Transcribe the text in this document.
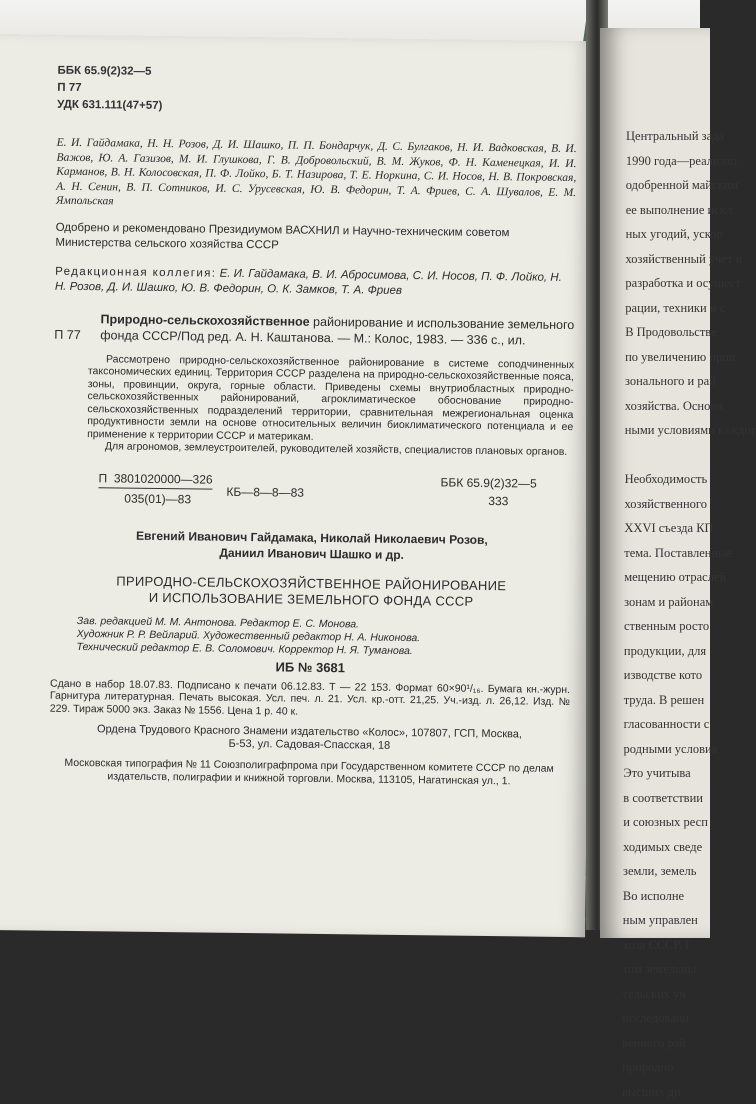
ББК 65.9(2)32—5
П 77
УДК 631.111(47+57)

Е. И. Гайдамака, Н. Н. Розов, Д. И. Шашко, П. П. Бондарчук, Д. С. Булгаков, Н. И. Вадковская, В. И. Важов, Ю. А. Газизов, М. И. Глушкова, Г. В. Добровольский, В. М. Жуков, Ф. Н. Каменецкая, И. И. Карманов, В. Н. Колосовская, П. Ф. Лойко, Б. Т. Назирова, Т. Е. Норкина, С. И. Носов, Н. В. Покровская, А. Н. Сенин, В. П. Сотников, И. С. Урусевская, Ю. В. Федорин, Т. А. Фриев, С. А. Шувалов, Е. М. Ямпольская

Одобрено и рекомендовано Президиумом ВАСХНИЛ и Научно-техническим советом Министерства сельского хозяйства СССР

Редакционная коллегия: Е. И. Гайдамака, В. И. Абросимова, С. И. Носов, П. Ф. Лойко, Н. Н. Розов, Д. И. Шашко, Ю. В. Федорин, О. К. Замков, Т. А. Фриев

П 77
Природно-сельскохозяйственное районирование и использование земельного фонда СССР/Под ред. А. Н. Каштанова. — М.: Колос, 1983. — 336 с., ил.

Рассмотрено природно-сельскохозяйственное районирование в системе соподчиненных таксономических единиц. Территория СССР разделена на природно-сельскохозяйственные пояса, зоны, провинции, округа, горные области. Приведены схемы внутриобластных природно-сельскохозяйственных районирований, агроклиматическое обоснование природно-сельскохозяйственных подразделений территории, сравнительная межрегиональная оценка продуктивности земли на основе относительных величин биоклиматического потенциала и ее применение к территории СССР и материкам.

Для агрономов, землеустроителей, руководителей хозяйств, специалистов плановых органов.

П 3801020000—326
035(01)—83	КБ—8—8—83
ББК 65.9(2)32—5
333
Евгений Иванович Гайдамака, Николай Николаевич Розов,
Даниил Иванович Шашко и др.
ПРИРОДНО-СЕЛЬСКОХОЗЯЙСТВЕННОЕ РАЙОНИРОВАНИЕ
И ИСПОЛЬЗОВАНИЕ ЗЕМЕЛЬНОГО ФОНДА СССР
Зав. редакцией М. М. Антонова. Редактор Е. С. Монова.
Художник Р. Р. Вейларий. Художественный редактор Н. А. Никонова.
Технический редактор Е. В. Соломович. Корректор Н. Я. Туманова.
ИБ № 3681

Сдано в набор 18.07.83. Подписано к печати 06.12.83. Т — 22 153. Формат 60×90¹/₁₆. Бумага кн.-журн. Гарнитура литературная. Печать высокая. Усл. печ. л. 21. Усл. кр.-отт. 21,25. Уч.-изд. л. 26,12. Изд. № 229. Тираж 5000 экз. Заказ № 1556. Цена 1 р. 40 к.

Ордена Трудового Красного Знамени издательство «Колос», 107807, ГСП, Москва,
Б-53, ул. Садовая-Спасская, 18

Московская типография № 11 Союзполиграфпрома при Государственном комитете СССР по делам издательств, полиграфии и книжной торговли. Москва, 113105, Нагатинская ул., 1.

Центральный зада
1990 года—реализац
одобренной майским
ее выполнение искл
ных угодий, ускор
хозяйственный учет и
разработка и осущест
рации, техники и с
В Продовольстве
по увеличению прои
зонального и рай
хозяйства. Основн
ными условиями каждог

Необходимость
хозяйственного
XXVI съезда КП
тема. Поставленные
мещению отраслей
зонам и районам
ственным росто
продукции, для
изводстве кото
труда. В решен
гласованности с
родными условия
Это учитыва
в соответствии
и союзных респ
ходимых сведе
земли, земель
Во исполне
ным управлен
хоза СССР, Г
том земельны
тельских уч
исследовани
венного рай
природно
высших ди
